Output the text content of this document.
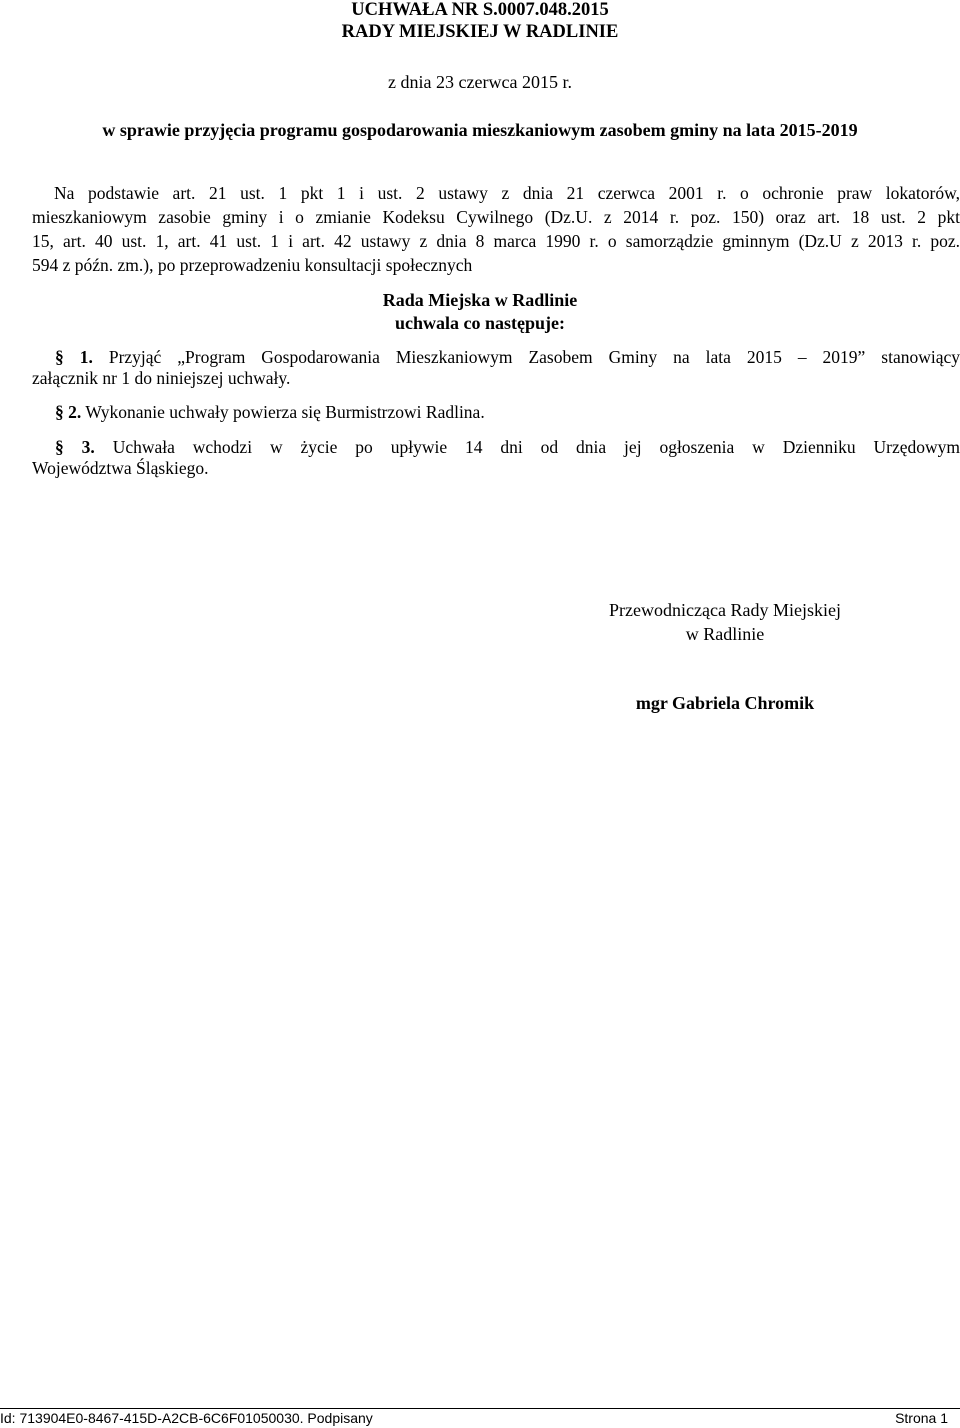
UCHWAŁA NR S.0007.048.2015
RADY MIEJSKIEJ W RADLINIE
z dnia 23 czerwca 2015 r.
w sprawie przyjęcia programu gospodarowania mieszkaniowym zasobem gminy na lata 2015-2019
Na podstawie art. 21 ust. 1 pkt 1 i ust. 2 ustawy z dnia 21 czerwca 2001 r. o ochronie praw lokatorów,
mieszkaniowym zasobie gminy i o zmianie Kodeksu Cywilnego (Dz.U. z 2014 r. poz. 150) oraz art. 18 ust. 2 pkt
15, art. 40 ust. 1, art. 41 ust. 1 i art. 42 ustawy z dnia 8 marca 1990 r. o samorządzie gminnym (Dz.U z 2013 r. poz.
594 z późn. zm.), po przeprowadzeniu konsultacji społecznych
Rada Miejska w Radlinie
uchwala co następuje:
§ 1. Przyjąć „Program Gospodarowania Mieszkaniowym Zasobem Gminy na lata 2015 – 2019” stanowiący
załącznik nr 1 do niniejszej uchwały.
§ 2. Wykonanie uchwały powierza się Burmistrzowi Radlina.
§ 3. Uchwała wchodzi w życie po upływie 14 dni od dnia jej ogłoszenia w Dzienniku Urzędowym
Województwa Śląskiego.
Przewodnicząca Rady Miejskiej
w Radlinie
mgr Gabriela Chromik
Id: 713904E0-8467-415D-A2CB-6C6F01050030. Podpisany	Strona 1
